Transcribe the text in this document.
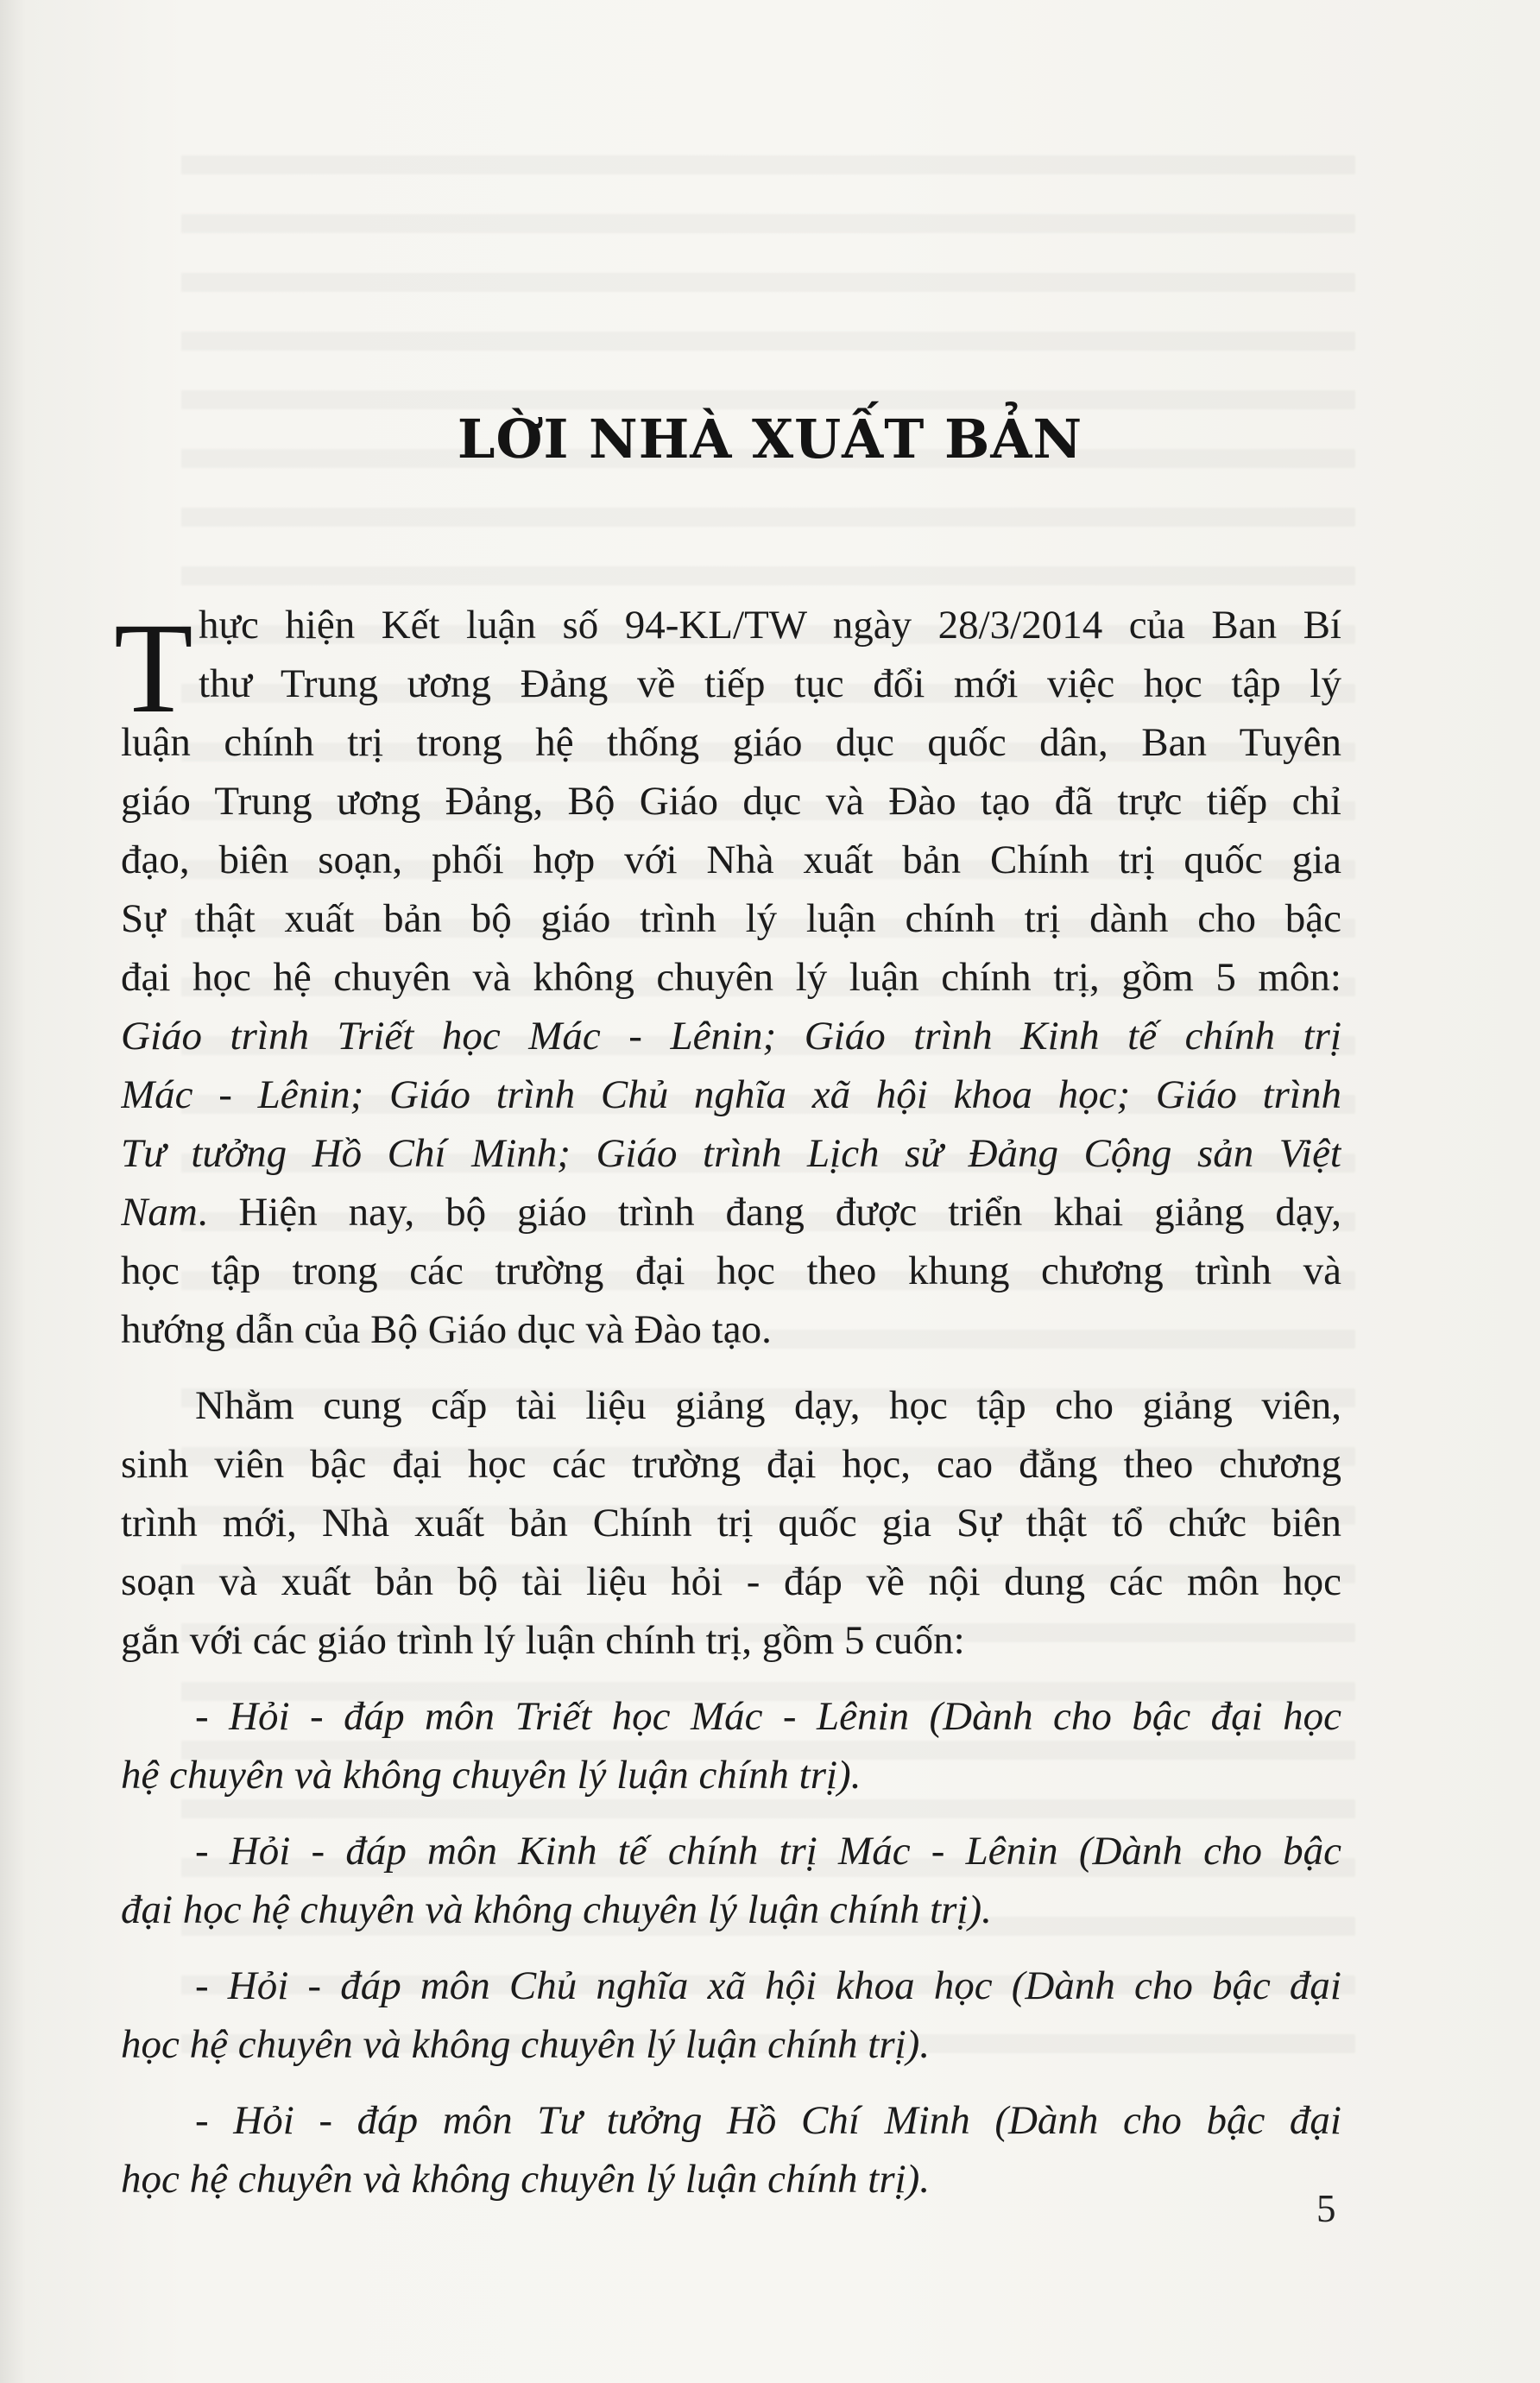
LỜI NHÀ XUẤT BẢN
T hực hiện Kết luận số 94-KL/TW ngày 28/3/2014 của Ban Bí
thư Trung ương Đảng về tiếp tục đổi mới việc học tập lý
luận chính trị trong hệ thống giáo dục quốc dân, Ban Tuyên
giáo Trung ương Đảng, Bộ Giáo dục và Đào tạo đã trực tiếp chỉ
đạo, biên soạn, phối hợp với Nhà xuất bản Chính trị quốc gia
Sự thật xuất bản bộ giáo trình lý luận chính trị dành cho bậc
đại học hệ chuyên và không chuyên lý luận chính trị, gồm 5 môn:
Giáo trình Triết học Mác - Lênin; Giáo trình Kinh tế chính trị
Mác - Lênin; Giáo trình Chủ nghĩa xã hội khoa học; Giáo trình
Tư tưởng Hồ Chí Minh; Giáo trình Lịch sử Đảng Cộng sản Việt
Nam. Hiện nay, bộ giáo trình đang được triển khai giảng dạy,
học tập trong các trường đại học theo khung chương trình và
hướng dẫn của Bộ Giáo dục và Đào tạo.
Nhằm cung cấp tài liệu giảng dạy, học tập cho giảng viên,
sinh viên bậc đại học các trường đại học, cao đẳng theo chương
trình mới, Nhà xuất bản Chính trị quốc gia Sự thật tổ chức biên
soạn và xuất bản bộ tài liệu hỏi - đáp về nội dung các môn học
gắn với các giáo trình lý luận chính trị, gồm 5 cuốn:
- Hỏi - đáp môn Triết học Mác - Lênin (Dành cho bậc đại học
hệ chuyên và không chuyên lý luận chính trị).
- Hỏi - đáp môn Kinh tế chính trị Mác - Lênin (Dành cho bậc
đại học hệ chuyên và không chuyên lý luận chính trị).
- Hỏi - đáp môn Chủ nghĩa xã hội khoa học (Dành cho bậc đại
học hệ chuyên và không chuyên lý luận chính trị).
- Hỏi - đáp môn Tư tưởng Hồ Chí Minh (Dành cho bậc đại
học hệ chuyên và không chuyên lý luận chính trị).
5
